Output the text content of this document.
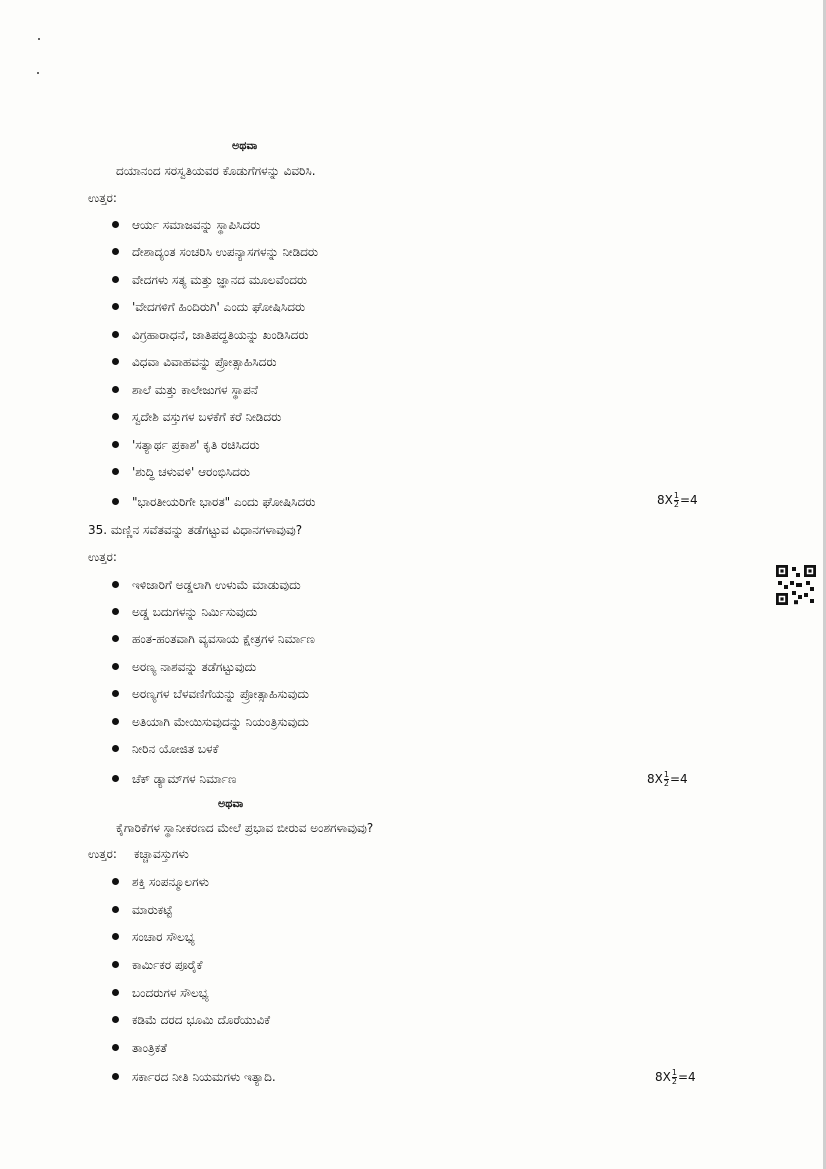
ಅಥವಾ
ದಯಾನಂದ ಸರಸ್ವತಿಯವರ ಕೊಡುಗೆಗಳನ್ನು ವಿವರಿಸಿ.
ಉತ್ತರ:
ಆರ್ಯ ಸಮಾಜವನ್ನು ಸ್ಥಾಪಿಸಿದರು
ದೇಶಾದ್ಯಂತ ಸಂಚರಿಸಿ ಉಪನ್ಯಾಸಗಳನ್ನು ನೀಡಿದರು
ವೇದಗಳು ಸತ್ಯ ಮತ್ತು ಜ್ಞಾನದ ಮೂಲವೆಂದರು
'ವೇದಗಳಿಗೆ ಹಿಂದಿರುಗಿ' ಎಂದು ಘೋಷಿಸಿದರು
ವಿಗ್ರಹಾರಾಧನೆ, ಜಾತಿಪದ್ಧತಿಯನ್ನು ಖಂಡಿಸಿದರು
ವಿಧವಾ ವಿವಾಹವನ್ನು ಪ್ರೋತ್ಸಾಹಿಸಿದರು
ಶಾಲೆ ಮತ್ತು ಕಾಲೇಜುಗಳ ಸ್ಥಾಪನೆ
ಸ್ವದೇಶಿ ವಸ್ತುಗಳ ಬಳಕೆಗೆ ಕರೆ ನೀಡಿದರು
'ಸತ್ಯಾರ್ಥ ಪ್ರಕಾಶ' ಕೃತಿ ರಚಿಸಿದರು
'ಶುದ್ಧಿ ಚಳುವಳಿ' ಆರಂಭಿಸಿದರು
"ಭಾರತೀಯರಿಗೇ ಭಾರತ" ಎಂದು ಘೋಷಿಸಿದರು	$8X \frac{1}{2} =4$
35. ಮಣ್ಣಿನ ಸವೆತವನ್ನು ತಡೆಗಟ್ಟುವ ವಿಧಾನಗಳಾವುವು?
ಉತ್ತರ:
ಇಳಿಜಾರಿಗೆ ಅಡ್ಡಲಾಗಿ ಉಳುಮೆ ಮಾಡುವುದು
ಅಡ್ಡ ಬದುಗಳನ್ನು ನಿರ್ಮಿಸುವುದು
ಹಂತ-ಹಂತವಾಗಿ ವ್ಯವಸಾಯ ಕ್ಷೇತ್ರಗಳ ನಿರ್ಮಾಣ
ಅರಣ್ಯ ನಾಶವನ್ನು ತಡೆಗಟ್ಟುವುದು
ಅರಣ್ಯಗಳ ಬೆಳವಣಿಗೆಯನ್ನು ಪ್ರೋತ್ಸಾಹಿಸುವುದು
ಅತಿಯಾಗಿ ಮೇಯಿಸುವುದನ್ನು ನಿಯಂತ್ರಿಸುವುದು
ನೀರಿನ ಯೋಜಿತ ಬಳಕೆ
ಚೆಕ್ ಡ್ಯಾಮ್‌ಗಳ ನಿರ್ಮಾಣ	$8X \frac{1}{2} =4$
ಅಥವಾ
ಕೈಗಾರಿಕೆಗಳ ಸ್ಥಾನೀಕರಣದ ಮೇಲೆ ಪ್ರಭಾವ ಬೀರುವ ಅಂಶಗಳಾವುವು?
ಉತ್ತರ: ಕಚ್ಚಾವಸ್ತುಗಳು
ಶಕ್ತಿ ಸಂಪನ್ಮೂಲಗಳು
ಮಾರುಕಟ್ಟೆ
ಸಂಚಾರ ಸೌಲಭ್ಯ
ಕಾರ್ಮಿಕರ ಪೂರೈಕೆ
ಬಂದರುಗಳ ಸೌಲಭ್ಯ
ಕಡಿಮೆ ದರದ ಭೂಮಿ ದೊರೆಯುವಿಕೆ
ತಾಂತ್ರಿಕತೆ
ಸರ್ಕಾರದ ನೀತಿ ನಿಯಮಗಳು ಇತ್ಯಾದಿ.	$8X \frac{1}{2} =4$
